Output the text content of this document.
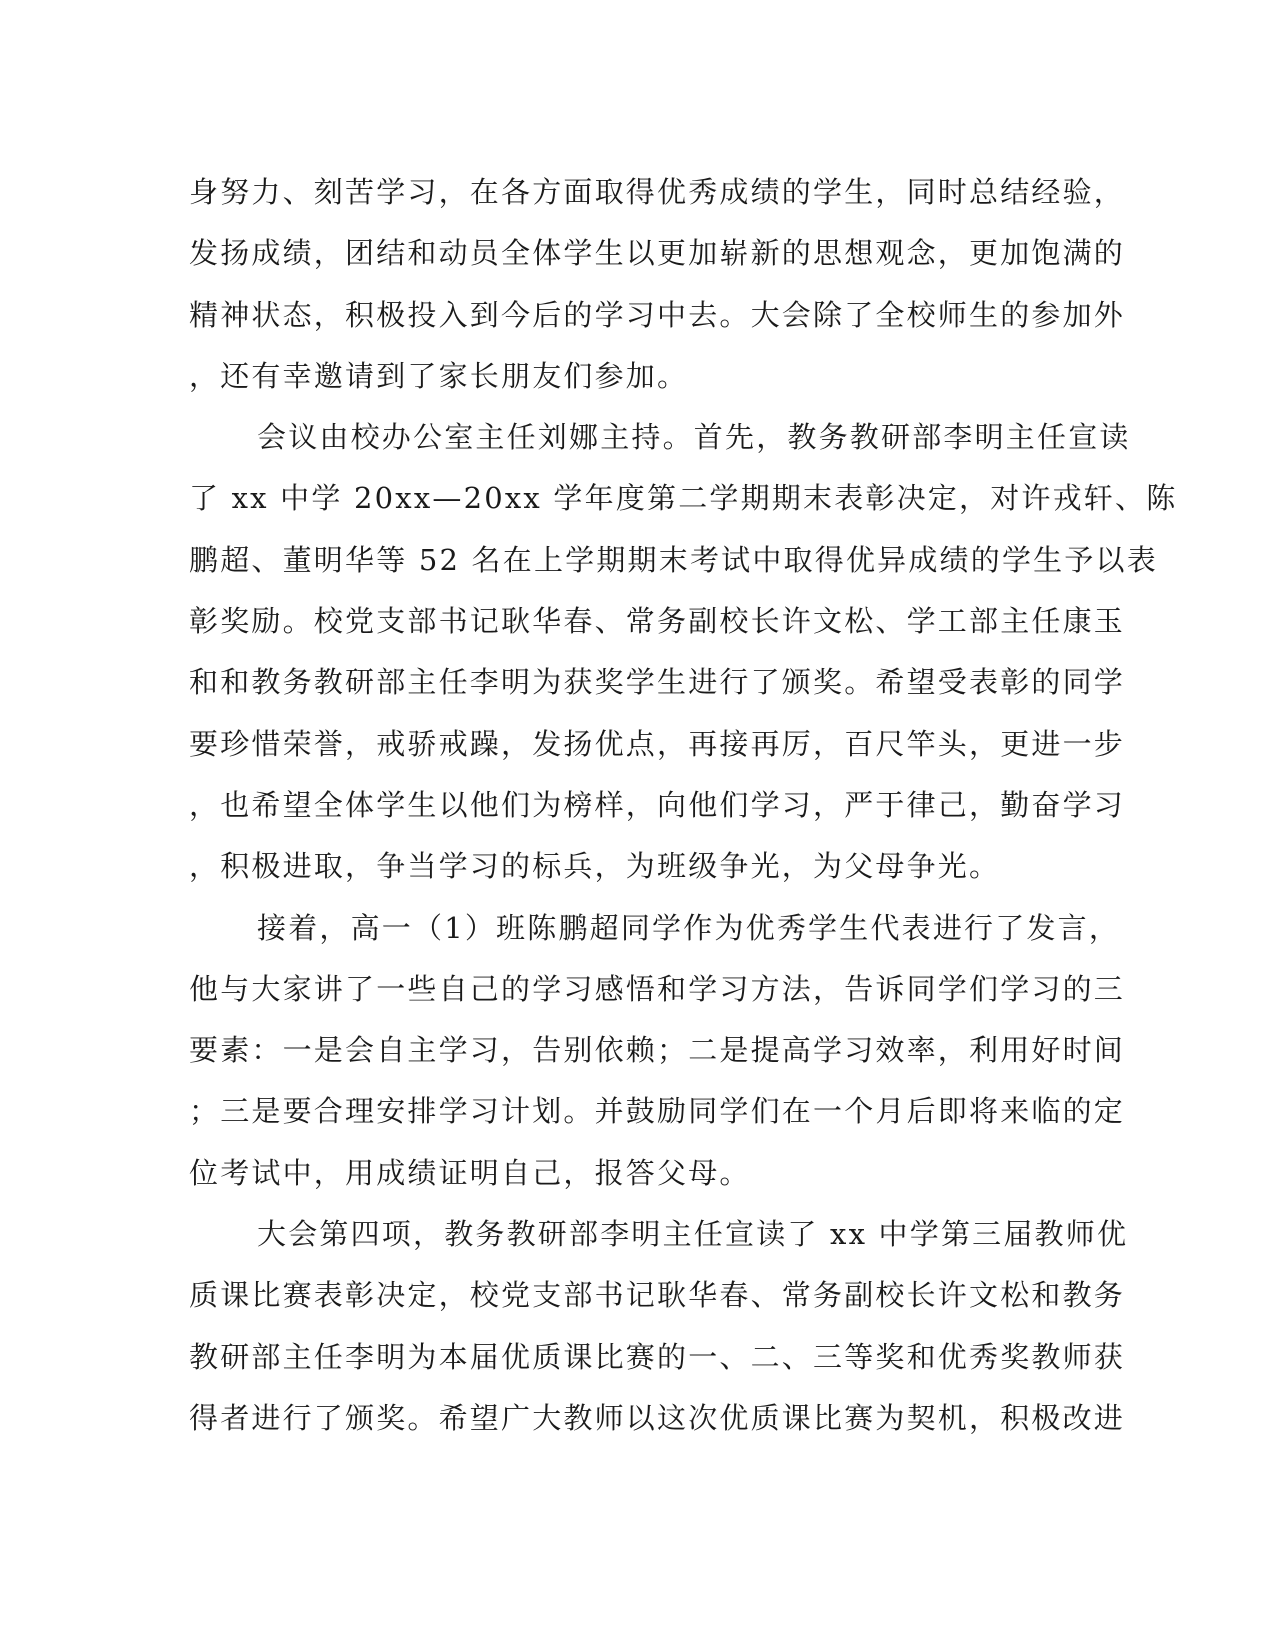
身努力、刻苦学习，在各方面取得优秀成绩的学生，同时总结经验，
发扬成绩，团结和动员全体学生以更加崭新的思想观念，更加饱满的
精神状态，积极投入到今后的学习中去。大会除了全校师生的参加外
，还有幸邀请到了家长朋友们参加。
会议由校办公室主任刘娜主持。首先，教务教研部李明主任宣读
了 xx 中学 20xx—20xx 学年度第二学期期末表彰决定，对许戎轩、陈
鹏超、董明华等 52 名在上学期期末考试中取得优异成绩的学生予以表
彰奖励。校党支部书记耿华春、常务副校长许文松、学工部主任康玉
和和教务教研部主任李明为获奖学生进行了颁奖。希望受表彰的同学
要珍惜荣誉，戒骄戒躁，发扬优点，再接再厉，百尺竿头，更进一步
，也希望全体学生以他们为榜样，向他们学习，严于律己，勤奋学习
，积极进取，争当学习的标兵，为班级争光，为父母争光。
接着，高一（1）班陈鹏超同学作为优秀学生代表进行了发言，
他与大家讲了一些自己的学习感悟和学习方法，告诉同学们学习的三
要素：一是会自主学习，告别依赖；二是提高学习效率，利用好时间
；三是要合理安排学习计划。并鼓励同学们在一个月后即将来临的定
位考试中，用成绩证明自己，报答父母。
大会第四项，教务教研部李明主任宣读了 xx 中学第三届教师优
质课比赛表彰决定，校党支部书记耿华春、常务副校长许文松和教务
教研部主任李明为本届优质课比赛的一、二、三等奖和优秀奖教师获
得者进行了颁奖。希望广大教师以这次优质课比赛为契机，积极改进
